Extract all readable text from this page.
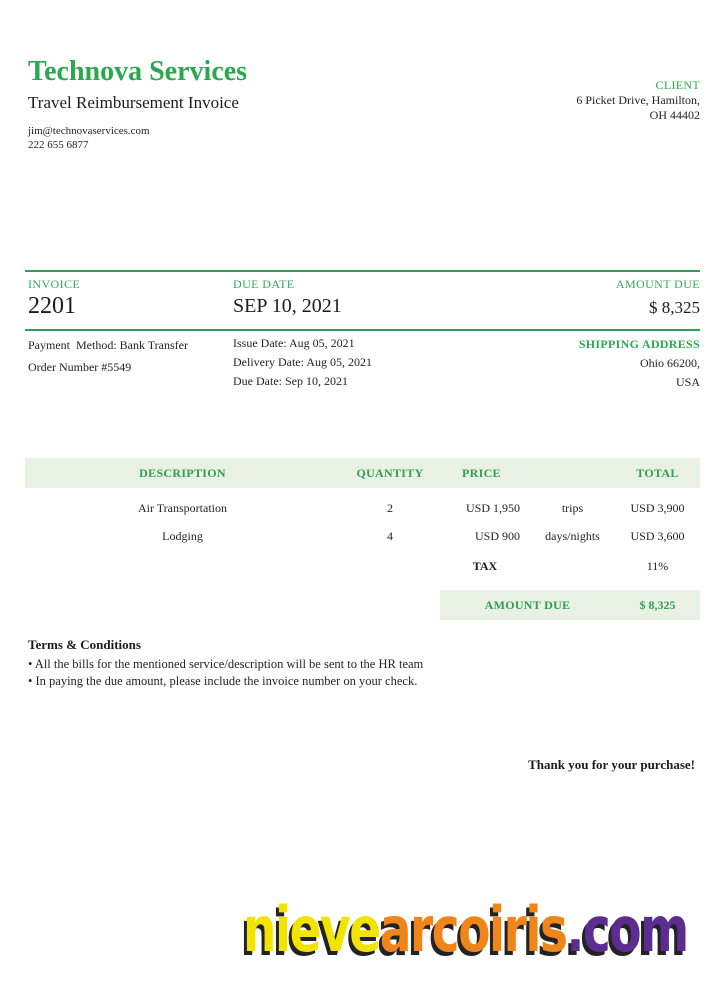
Technova Services
Travel Reimbursement Invoice
jim@technovaservices.com
222 655 6877
CLIENT
6 Picket Drive, Hamilton,
OH 44402
INVOICE
2201
DUE DATE
SEP 10, 2021
AMOUNT DUE
$ 8,325
Payment  Method: Bank Transfer
Order Number #5549
Issue Date: Aug 05, 2021
Delivery Date: Aug 05, 2021
Due Date: Sep 10, 2021
SHIPPING ADDRESS
Ohio 66200,
USA
DESCRIPTION	QUANTITY	PRICE	TOTAL
Air Transportation	2	USD 1,950	trips	USD 3,900
Lodging	4	USD 900	days/nights	USD 3,600
TAX	11%
AMOUNT DUE	$ 8,325
Terms & Conditions
• All the bills for the mentioned service/description will be sent to the HR team
• In paying the due amount, please include the invoice number on your check.
Thank you for your purchase!
nievearcoiris.com
